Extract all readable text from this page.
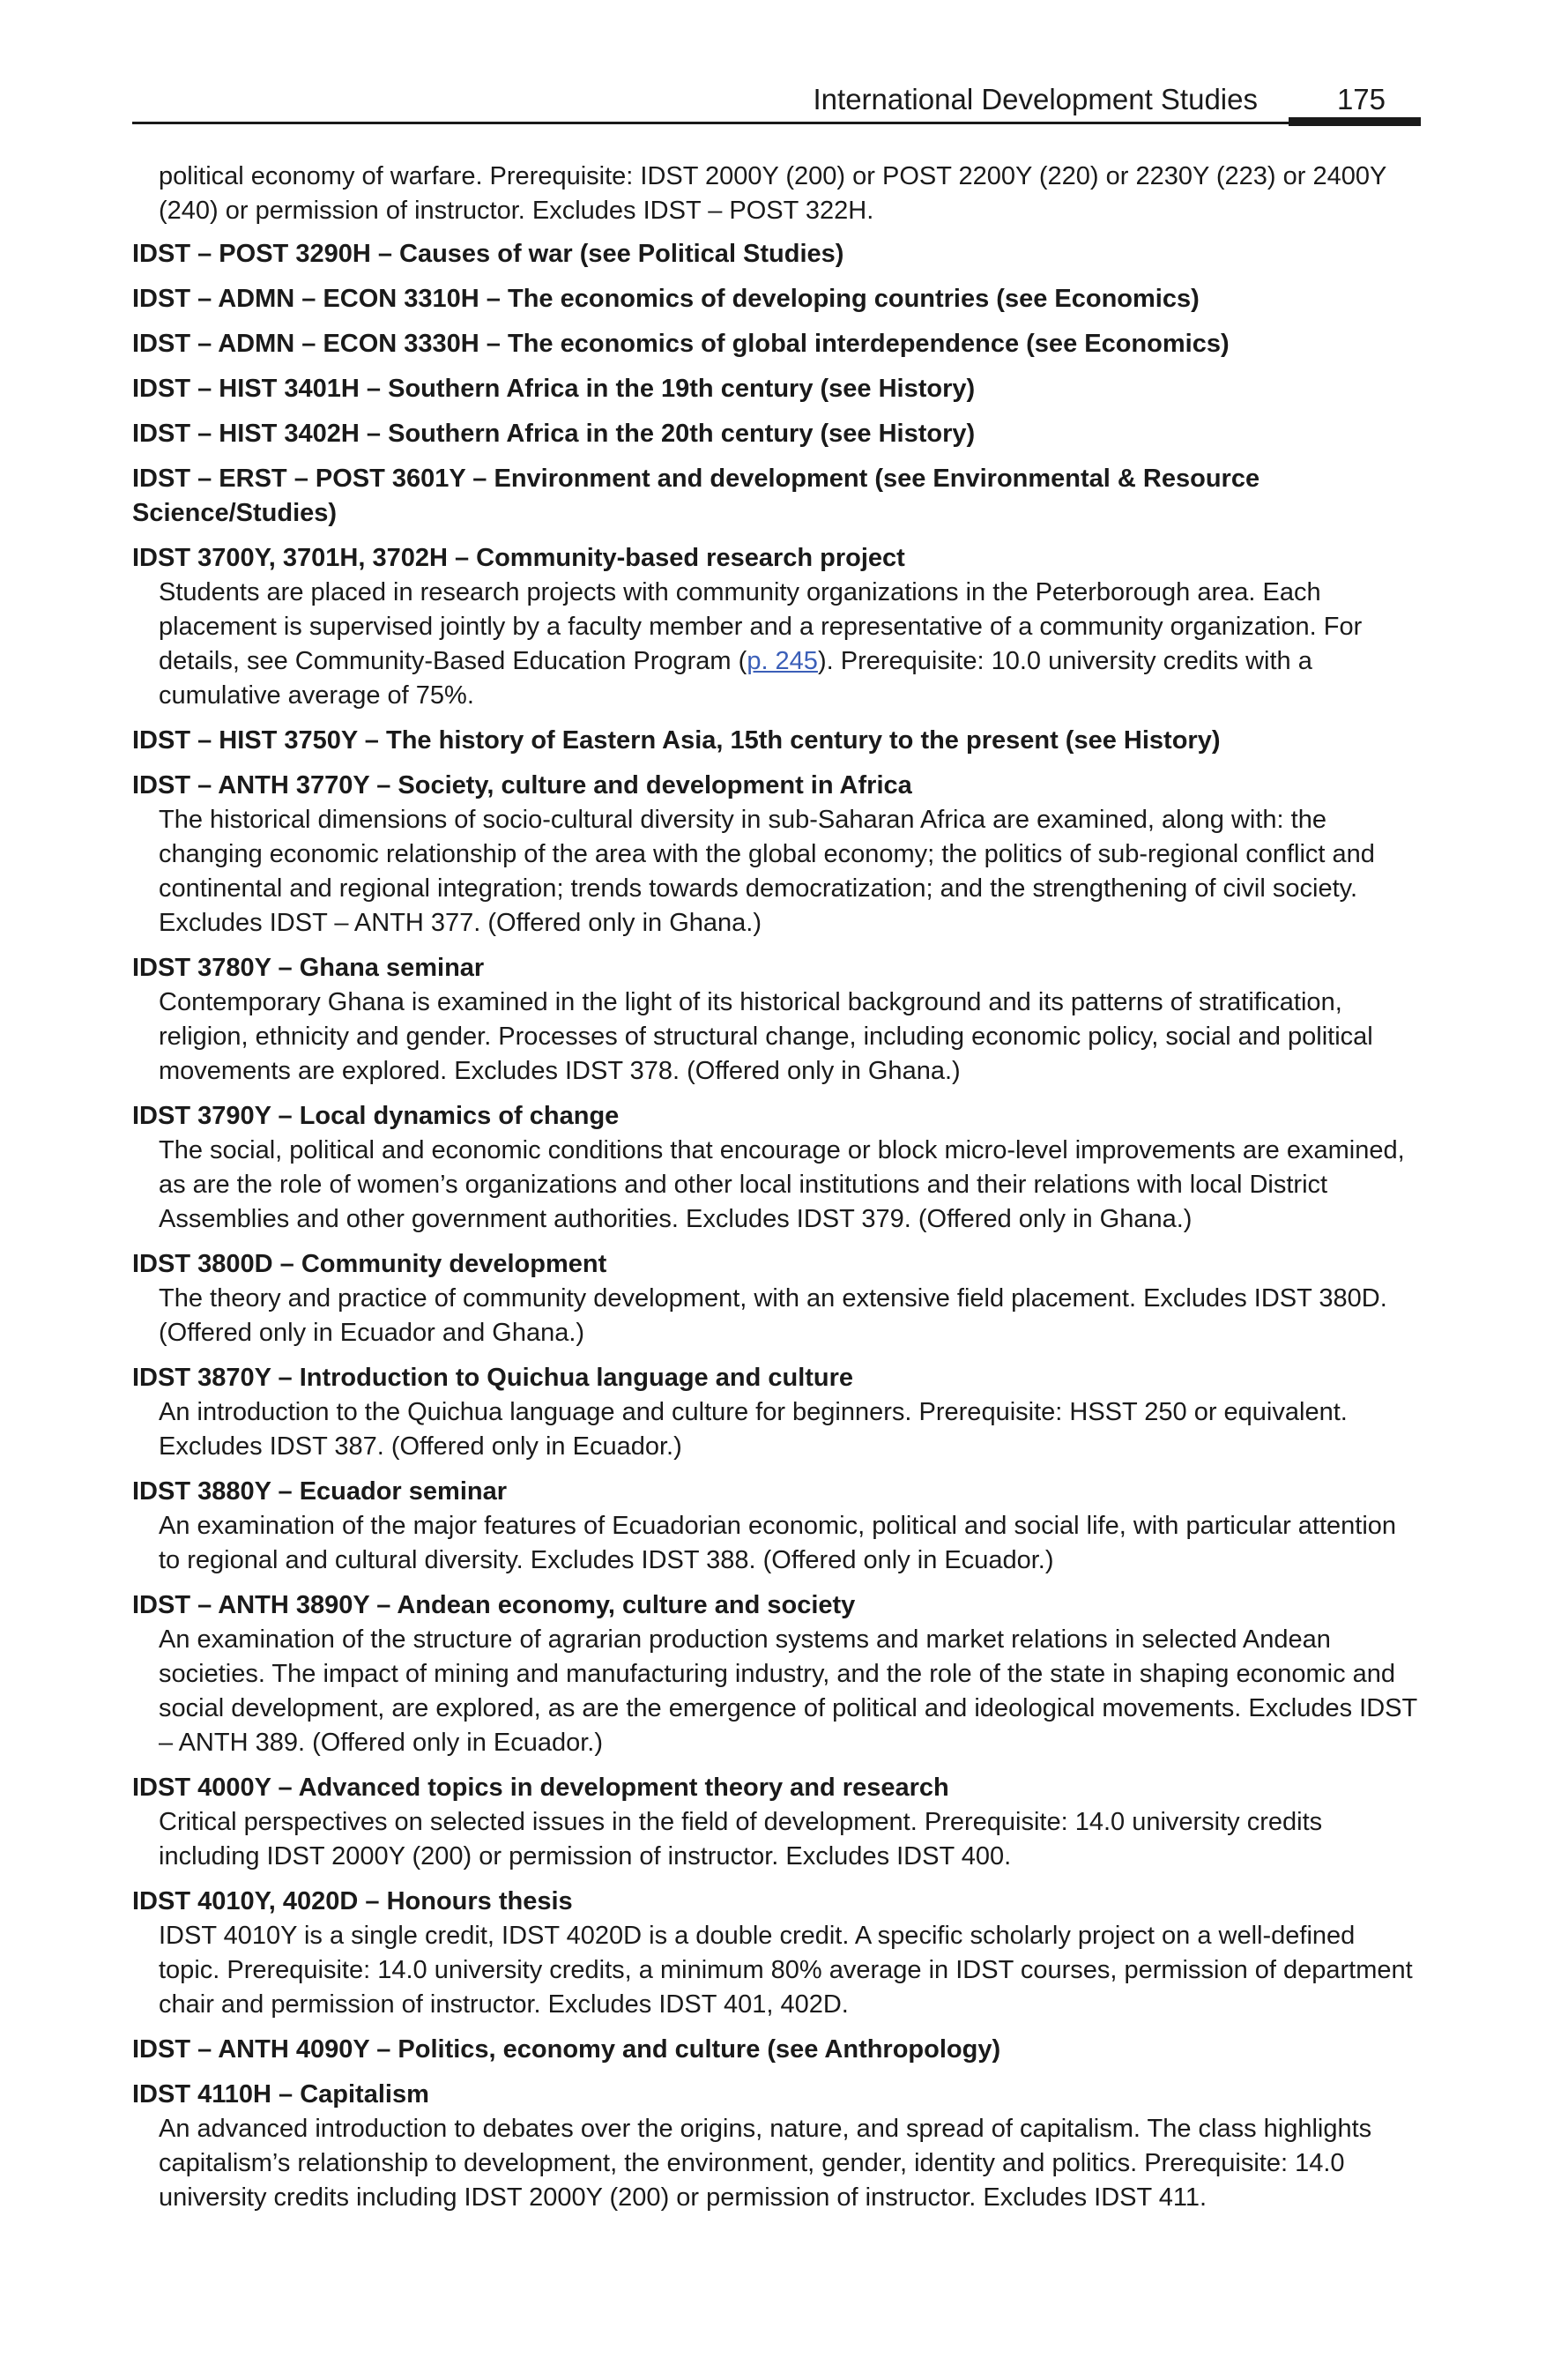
International Development Studies	175

political economy of warfare. Prerequisite: IDST 2000Y (200) or POST 2200Y (220) or 2230Y (223) or 2400Y (240) or permission of instructor. Excludes IDST – POST 322H.

IDST – POST 3290H – Causes of war (see Political Studies)

IDST – ADMN – ECON 3310H – The economics of developing countries (see Economics)

IDST – ADMN – ECON 3330H – The economics of global interdependence (see Economics)

IDST – HIST 3401H – Southern Africa in the 19th century (see History)

IDST – HIST 3402H – Southern Africa in the 20th century (see History)

IDST – ERST – POST 3601Y – Environment and development (see Environmental & Resource Science/Studies)

IDST 3700Y, 3701H, 3702H – Community-based research project

Students are placed in research projects with community organizations in the Peterborough area. Each placement is supervised jointly by a faculty member and a representative of a community organization. For details, see Community-Based Education Program (p. 245). Prerequisite: 10.0 university credits with a cumulative average of 75%.

IDST – HIST 3750Y – The history of Eastern Asia, 15th century to the present (see History)

IDST – ANTH 3770Y – Society, culture and development in Africa

The historical dimensions of socio-cultural diversity in sub-Saharan Africa are examined, along with: the changing economic relationship of the area with the global economy; the politics of sub-regional conflict and continental and regional integration; trends towards democratization; and the strengthening of civil society. Excludes IDST – ANTH 377. (Offered only in Ghana.)

IDST 3780Y – Ghana seminar

Contemporary Ghana is examined in the light of its historical background and its patterns of stratification, religion, ethnicity and gender. Processes of structural change, including economic policy, social and political movements are explored. Excludes IDST 378. (Offered only in Ghana.)

IDST 3790Y – Local dynamics of change

The social, political and economic conditions that encourage or block micro-level improvements are examined, as are the role of women’s organizations and other local institutions and their relations with local District Assemblies and other government authorities. Excludes IDST 379. (Offered only in Ghana.)

IDST 3800D – Community development

The theory and practice of community development, with an extensive field placement. Excludes IDST 380D. (Offered only in Ecuador and Ghana.)

IDST 3870Y – Introduction to Quichua language and culture

An introduction to the Quichua language and culture for beginners. Prerequisite: HSST 250 or equivalent. Excludes IDST 387. (Offered only in Ecuador.)

IDST 3880Y – Ecuador seminar

An examination of the major features of Ecuadorian economic, political and social life, with particular attention to regional and cultural diversity. Excludes IDST 388. (Offered only in Ecuador.)

IDST – ANTH 3890Y – Andean economy, culture and society

An examination of the structure of agrarian production systems and market relations in selected Andean societies. The impact of mining and manufacturing industry, and the role of the state in shaping economic and social development, are explored, as are the emergence of political and ideological movements. Excludes IDST – ANTH 389. (Offered only in Ecuador.)

IDST 4000Y – Advanced topics in development theory and research

Critical perspectives on selected issues in the field of development. Prerequisite: 14.0 university credits including IDST 2000Y (200) or permission of instructor. Excludes IDST 400.

IDST 4010Y, 4020D – Honours thesis

IDST 4010Y is a single credit, IDST 4020D is a double credit. A specific scholarly project on a well-defined topic. Prerequisite: 14.0 university credits, a minimum 80% average in IDST courses, permission of department chair and permission of instructor. Excludes IDST 401, 402D.

IDST – ANTH 4090Y – Politics, economy and culture (see Anthropology)

IDST 4110H – Capitalism

An advanced introduction to debates over the origins, nature, and spread of capitalism. The class highlights capitalism’s relationship to development, the environment, gender, identity and politics. Prerequisite: 14.0 university credits including IDST 2000Y (200) or permission of instructor. Excludes IDST 411.
